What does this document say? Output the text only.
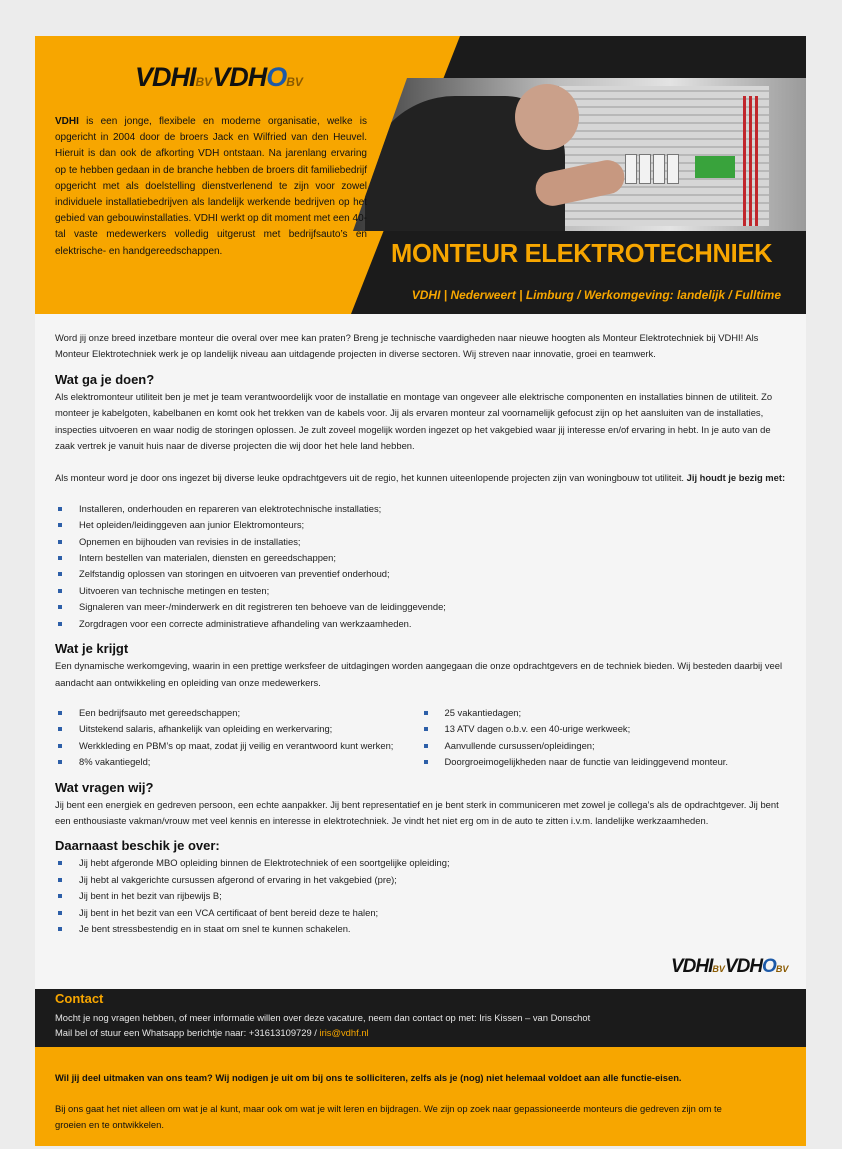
VDHIBVVDHOBV
VDHI is een jonge, flexibele en moderne organisatie, welke is opgericht in 2004 door de broers Jack en Wilfried van den Heuvel. Hieruit is dan ook de afkorting VDH ontstaan. Na jarenlang ervaring op te hebben gedaan in de branche hebben de broers dit familiebedrijf opgericht met als doelstelling dienstverlenend te zijn voor zowel individuele installatiebedrijven als landelijk werkende bedrijven op het gebied van gebouwinstallaties. VDHI werkt op dit moment met een 40-tal vaste medewerkers volledig uitgerust met bedrijfsauto’s en elektrische- en handgereedschappen.	MONTEUR ELEKTROTECHNIEK
VDHI | Nederweert | Limburg / Werkomgeving: landelijk / Fulltime

Word jij onze breed inzetbare monteur die overal over mee kan praten? Breng je technische vaardigheden naar nieuwe hoogten als Monteur Elektrotechniek bij VDHI! Als Monteur Elektrotechniek werk je op landelijk niveau aan uitdagende projecten in diverse sectoren. Wij streven naar innovatie, groei en teamwerk.

Wat ga je doen?

Als elektromonteur utiliteit ben je met je team verantwoordelijk voor de installatie en montage van ongeveer alle elektrische componenten en installaties binnen de utiliteit. Zo monteer je kabelgoten, kabelbanen en komt ook het trekken van de kabels voor. Jij als ervaren monteur zal voornamelijk gefocust zijn op het aansluiten van de installaties, inspecties uitvoeren en waar nodig de storingen oplossen. Je zult zoveel mogelijk worden ingezet op het vakgebied waar jij interesse en/of ervaring in hebt. In je auto van de zaak vertrek je vanuit huis naar de diverse projecten die wij door het hele land hebben.

Als monteur word je door ons ingezet bij diverse leuke opdrachtgevers uit de regio, het kunnen uiteenlopende projecten zijn van woningbouw tot utiliteit. Jij houdt je bezig met:

Installeren, onderhouden en repareren van elektrotechnische installaties;
Het opleiden/leidinggeven aan junior Elektromonteurs;
Opnemen en bijhouden van revisies in de installaties;
Intern bestellen van materialen, diensten en gereedschappen;
Zelfstandig oplossen van storingen en uitvoeren van preventief onderhoud;
Uitvoeren van technische metingen en testen;
Signaleren van meer-/minderwerk en dit registreren ten behoeve van de leidinggevende;
Zorgdragen voor een correcte administratieve afhandeling van werkzaamheden.
Wat je krijgt

Een dynamische werkomgeving, waarin in een prettige werksfeer de uitdagingen worden aangegaan die onze opdrachtgevers en de techniek bieden. Wij besteden daarbij veel aandacht aan ontwikkeling en opleiding van onze medewerkers.

Een bedrijfsauto met gereedschappen;
Uitstekend salaris, afhankelijk van opleiding en werkervaring;
Werkkleding en PBM’s op maat, zodat jij veilig en verantwoord kunt werken;
8% vakantiegeld;
25 vakantiedagen;
13 ATV dagen o.b.v. een 40-urige werkweek;
Aanvullende cursussen/opleidingen;
Doorgroeimogelijkheden naar de functie van leidinggevend monteur.
Wat vragen wij?

Jij bent een energiek en gedreven persoon, een echte aanpakker. Jij bent representatief en je bent sterk in communiceren met zowel je collega’s als de opdrachtgever. Jij bent een enthousiaste vakman/vrouw met veel kennis en interesse in elektrotechniek. Je vindt het niet erg om in de auto te zitten i.v.m. landelijke werkzaamheden.

Daarnaast beschik je over:
Jij hebt afgeronde MBO opleiding binnen de Elektrotechniek of een soortgelijke opleiding;
Jij hebt al vakgerichte cursussen afgerond of ervaring in het vakgebied (pre);
Jij bent in het bezit van rijbewijs B;
Jij bent in het bezit van een VCA certificaat of bent bereid deze te halen;
Je bent stressbestendig en in staat om snel te kunnen schakelen.
VDHIBVVDHOBV
Contact
Mocht je nog vragen hebben, of meer informatie willen over deze vacature, neem dan contact op met: Iris Kissen – van Donschot
Mail bel of stuur een Whatsapp berichtje naar: +31613109729 / iris@vdhf.nl
Wil jij deel uitmaken van ons team? Wij nodigen je uit om bij ons te solliciteren, zelfs als je (nog) niet helemaal voldoet aan alle functie-eisen.
Bij ons gaat het niet alleen om wat je al kunt, maar ook om wat je wilt leren en bijdragen. We zijn op zoek naar gepassioneerde monteurs die gedreven zijn om te groeien en te ontwikkelen.
